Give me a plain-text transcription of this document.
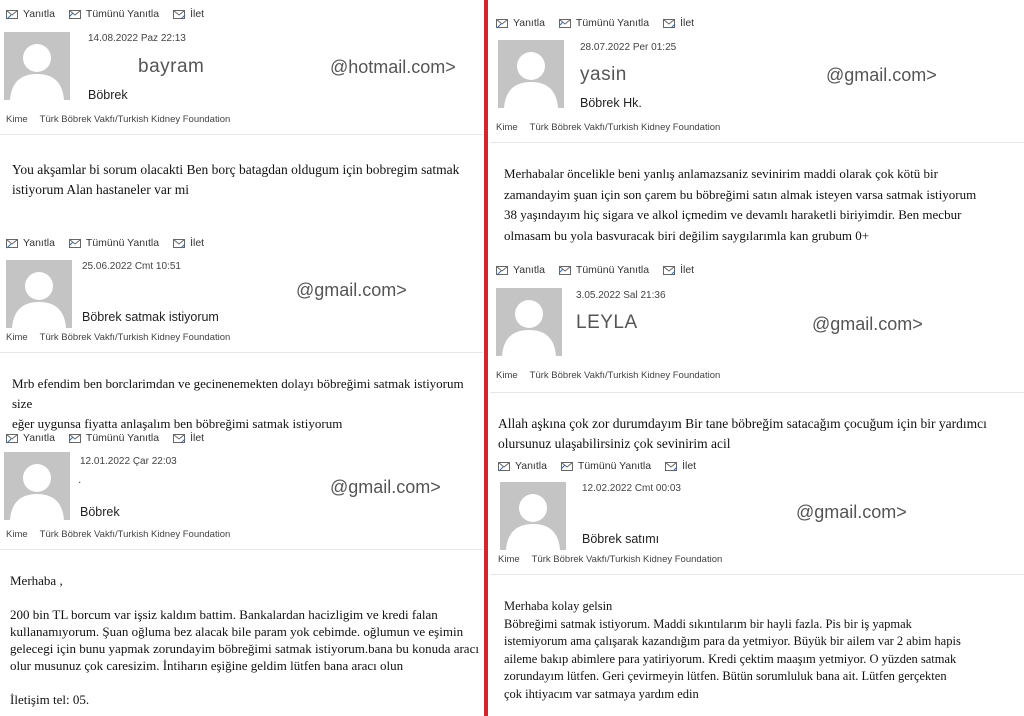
Yanıtla	Tümünü Yanıtla	İlet
14.08.2022 Paz 22:13
bayram	@hotmail.com>
Böbrek
Kime Türk Böbrek Vakfı/Turkish Kidney Foundation
You akşamlar bi sorum olacakti Ben borç batagdan oldugum için bobregim satmak
istiyorum Alan hastaneler var mi
Yanıtla	Tümünü Yanıtla	İlet
25.06.2022 Cmt 10:51
@gmail.com>
Böbrek satmak istiyorum
Kime Türk Böbrek Vakfı/Turkish Kidney Foundation
Mrb efendim ben borclarimdan ve gecinenemekten dolayı böbreğimi satmak istiyorum size
eğer uygunsa fiyatta anlaşalım ben böbreğimi satmak istiyorum
Yanıtla	Tümünü Yanıtla	İlet
12.01.2022 Çar 22:03
.	@gmail.com>
Böbrek
Kime Türk Böbrek Vakfı/Turkish Kidney Foundation
Merhaba ,
200 bin TL borcum var işsiz kaldım battim. Bankalardan hacizligim ve kredi falan
kullanamıyorum. Şuan oğluma bez alacak bile param yok cebimde. oğlumun ve eşimin
gelecegi için bunu yapmak zorundayim böbreğimi satmak istiyorum.bana bu konuda aracı
olur musunuz çok caresizim. İntiharın eşiğine geldim lütfen bana aracı olun
İletişim tel: 05.
Yanıtla	Tümünü Yanıtla	İlet
28.07.2022 Per 01:25
yasin	@gmail.com>
Böbrek Hk.
Kime Türk Böbrek Vakfı/Turkish Kidney Foundation
Merhabalar öncelikle beni yanlış anlamazsaniz sevinirim maddi olarak çok kötü bir
zamandayim şuan için son çarem bu böbreğimi satın almak isteyen varsa satmak istiyorum
38 yaşındayım hiç sigara ve alkol içmedim ve devamlı haraketli biriyimdir. Ben mecbur
olmasam bu yola basvuracak biri değilim saygılarımla kan grubum 0+
Yanıtla	Tümünü Yanıtla	İlet
3.05.2022 Sal 21:36
LEYLA	@gmail.com>
Kime Türk Böbrek Vakfı/Turkish Kidney Foundation
Allah aşkına çok zor durumdayım Bir tane böbreğim satacağım çocuğum için bir yardımcı
olursunuz ulaşabilirsiniz çok sevinirim acil
Yanıtla	Tümünü Yanıtla	İlet
12.02.2022 Cmt 00:03
@gmail.com>
Böbrek satımı
Kime Türk Böbrek Vakfı/Turkish Kidney Foundation
Merhaba kolay gelsin
Böbreğimi satmak istiyorum. Maddi sıkıntılarım bir hayli fazla. Pis bir iş yapmak
istemiyorum ama çalışarak kazandığım para da yetmiyor. Büyük bir ailem var 2 abim hapis
aileme bakıp abimlere para yatiriyorum. Kredi çektim maaşım yetmiyor. O yüzden satmak
zorundayım lütfen. Geri çevirmeyin lütfen. Bütün sorumluluk bana ait. Lütfen gerçekten
çok ihtiyacım var satmaya yardım edin
